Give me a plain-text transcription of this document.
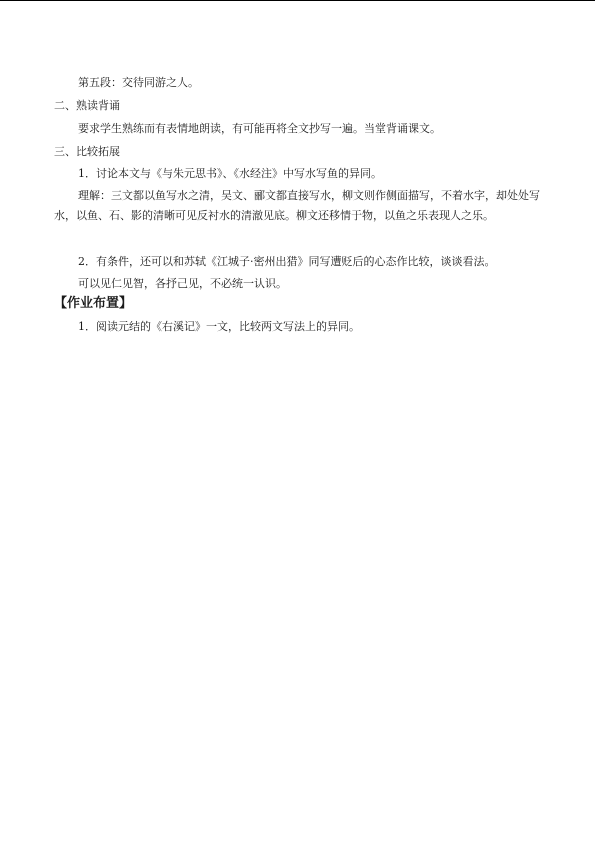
第五段：交待同游之人。
二、熟读背诵
要求学生熟练而有表情地朗读，有可能再将全文抄写一遍。当堂背诵课文。
三、比较拓展
1．讨论本文与《与朱元思书》、《水经注》中写水写鱼的异同。
理解：三文都以鱼写水之清，吴文、郦文都直接写水，柳文则作侧面描写，不着水字，却处处写水，以鱼、石、影的清晰可见反衬水的清澈见底。柳文还移情于物，以鱼之乐表现人之乐。
2．有条件，还可以和苏轼《江城子·密州出猎》同写遭贬后的心态作比较，谈谈看法。
可以见仁见智，各抒己见，不必统一认识。
【作业布置】
1．阅读元结的《右溪记》一文，比较两文写法上的异同。
